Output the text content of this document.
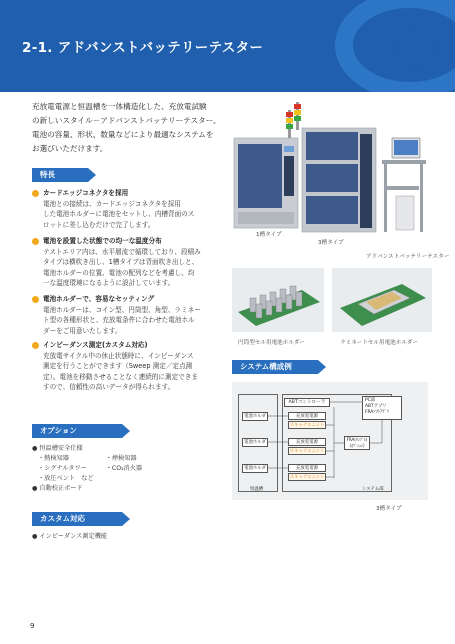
2-1. アドバンストバッテリーテスター
充放電電源と恒温槽を一体構造化した、充放電試験
の新しいスタイル－アドバンストバッテリーテスター。
電池の容量、形状、数量などにより最適なシステムを
お選びいただけます。
特長
カードエッジコネクタを採用
電池との接続は、カードエッジコネクタを採用
した電池ホルダーに電池をセットし、内槽背面のス
ロットに差し込むだけで完了します。
電池を設置した状態での均一な温度分布
テストエリア内は、水平層流で循環しており、段積み
タイプは横吹き出し、1槽タイプは背面吹き出しと、
電池ホルダーの位置、電池の配列などを考慮し、均
一な温度環境になるように設計しています。
電池ホルダーで、容易なセッティング
電池ホルダーは、コイン型、円筒型、角型、ラミネー
ト型の各種形状と、充放電条件に合わせた電池ホル
ダーをご用意いたします。
インピーダンス測定(カスタム対応)
充放電サイクル中の休止状態時に、インピーダンス
測定を行うことができます（Sweep 測定／定点測
定）。電池を移動させることなく連続的に測定できま
すので、信頼性の高いデータが得られます。
オプション
● 恒温槽安全仕様
・熱検知器
・シグナルタワー
・放圧ベント　など
・煙検知器
・CO₂消火器
● 自動校正ボード
カスタム対応
● インピーダンス測定機能
1槽タイプ
3槽タイプ
アドバンストバッテリーテスター
円筒型セル用電池ホルダー	ラミネートセル用電池ホルダー
システム構成例
ABTコントローラ	PC部
ABTアプリ
FRAｿﾌﾄｱﾌﾟﾘ
電池ホルダ	充放電電源
スキャナユニット
電池ホルダ	充放電電源
スキャナユニット
電池ホルダ	充放電電源
スキャナユニット
FRA(ｻﾝﾌﾟﾙ)
(ｵﾌﾟｼｮﾝ)
恒温槽	システム部
3槽タイプ
9
